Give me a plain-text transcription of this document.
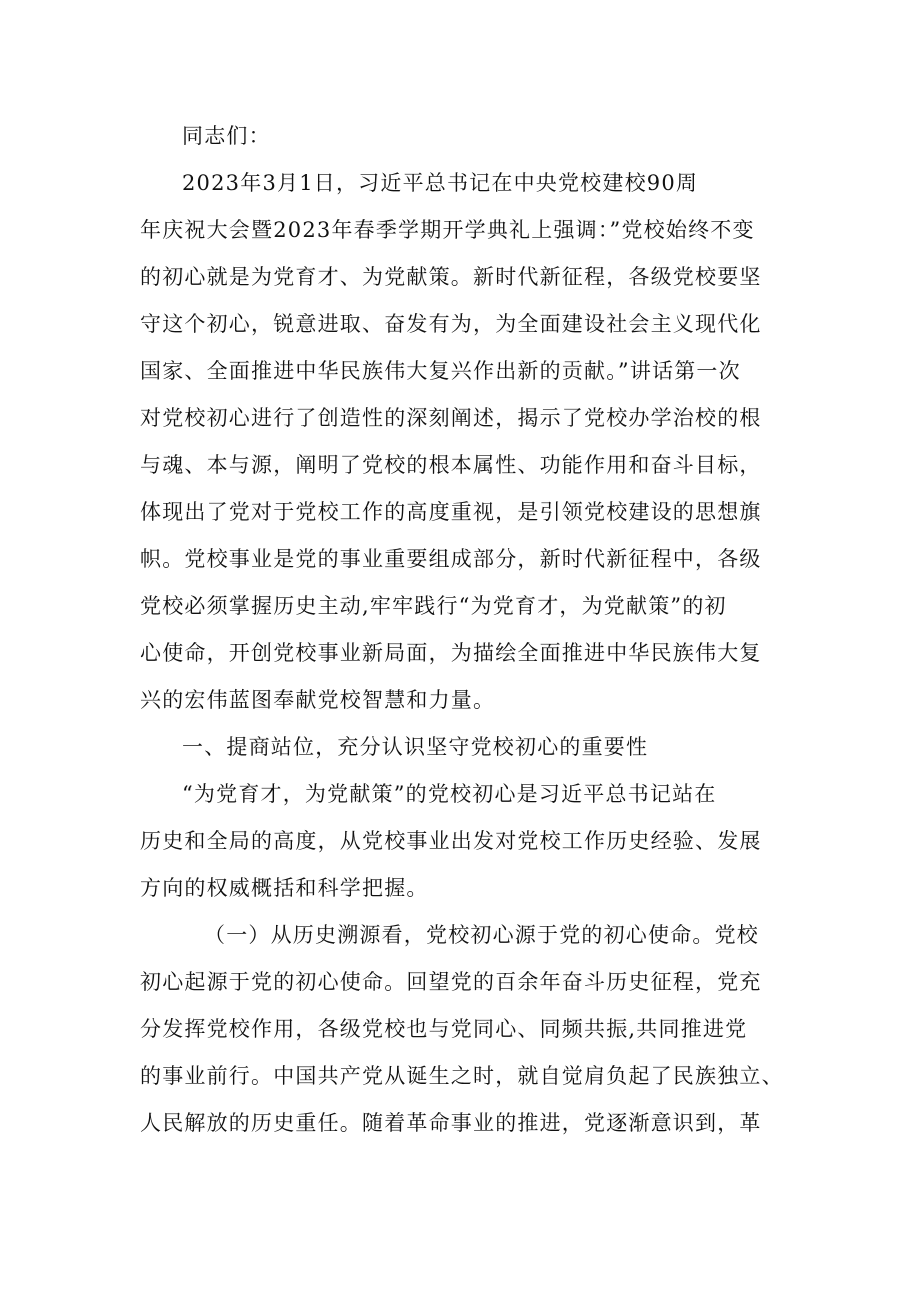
同志们：

2023年3月1日，习近平总书记在中央党校建校90周
年庆祝大会暨2023年春季学期开学典礼上强调：”党校始终不变
的初心就是为党育才、为党献策。新时代新征程，各级党校要坚
守这个初心，锐意进取、奋发有为，为全面建设社会主义现代化
国家、全面推进中华民族伟大复兴作出新的贡献。”讲话第一次
对党校初心进行了创造性的深刻阐述，揭示了党校办学治校的根
与魂、本与源，阐明了党校的根本属性、功能作用和奋斗目标，
体现出了党对于党校工作的高度重视，是引领党校建设的思想旗
帜。党校事业是党的事业重要组成部分，新时代新征程中，各级
党校必须掌握历史主动,牢牢践行“为党育才，为党献策”的初
心使命，开创党校事业新局面，为描绘全面推进中华民族伟大复
兴的宏伟蓝图奉献党校智慧和力量。

一、提商站位，充分认识坚守党校初心的重要性

“为党育才，为党献策”的党校初心是习近平总书记站在
历史和全局的高度，从党校事业出发对党校工作历史经验、发展
方向的权威概括和科学把握。

（一）从历史溯源看，党校初心源于党的初心使命。党校
初心起源于党的初心使命。回望党的百余年奋斗历史征程，党充
分发挥党校作用，各级党校也与党同心、同频共振,共同推进党
的事业前行。中国共产党从诞生之时，就自觉肩负起了民族独立、
人民解放的历史重任。随着革命事业的推进，党逐渐意识到，革
